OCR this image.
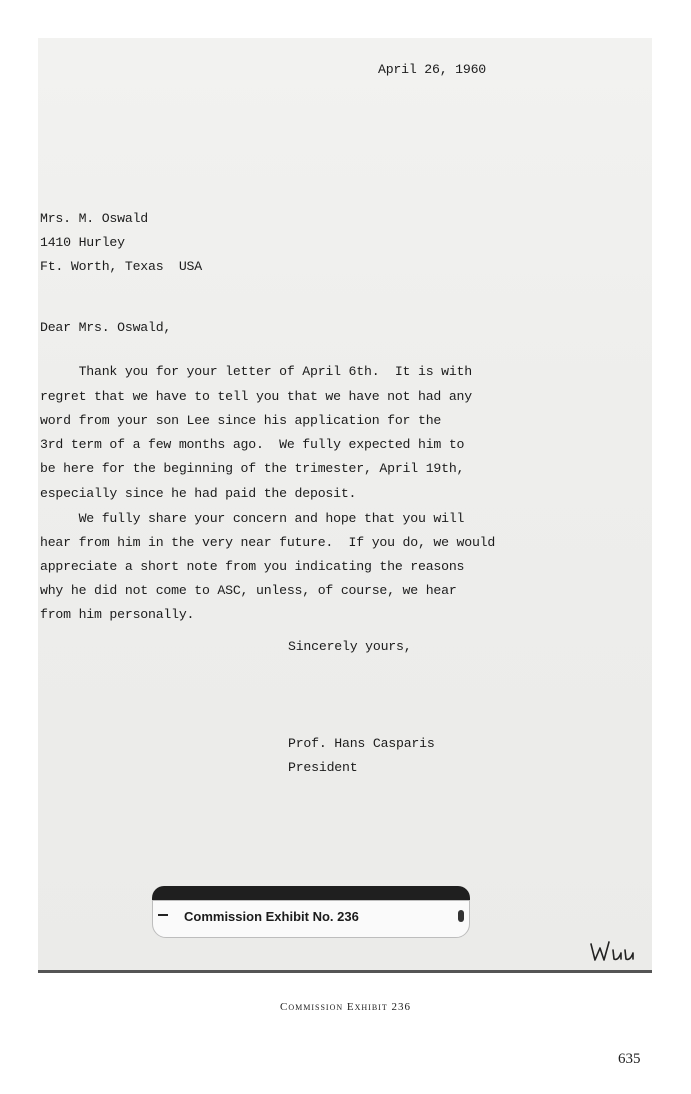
April 26, 1960
Mrs. M. Oswald
1410 Hurley
Ft. Worth, Texas  USA
Dear Mrs. Oswald,
Thank you for your letter of April 6th.  It is with
regret that we have to tell you that we have not had any
word from your son Lee since his application for the
3rd term of a few months ago.  We fully expected him to
be here for the beginning of the trimester, April 19th,
especially since he had paid the deposit.
We fully share your concern and hope that you will
hear from him in the very near future.  If you do, we would
appreciate a short note from you indicating the reasons
why he did not come to ASC, unless, of course, we hear
from him personally.
Sincerely yours,
Prof. Hans Casparis
President
Commission Exhibit No. 236
Commission Exhibit 236
635
